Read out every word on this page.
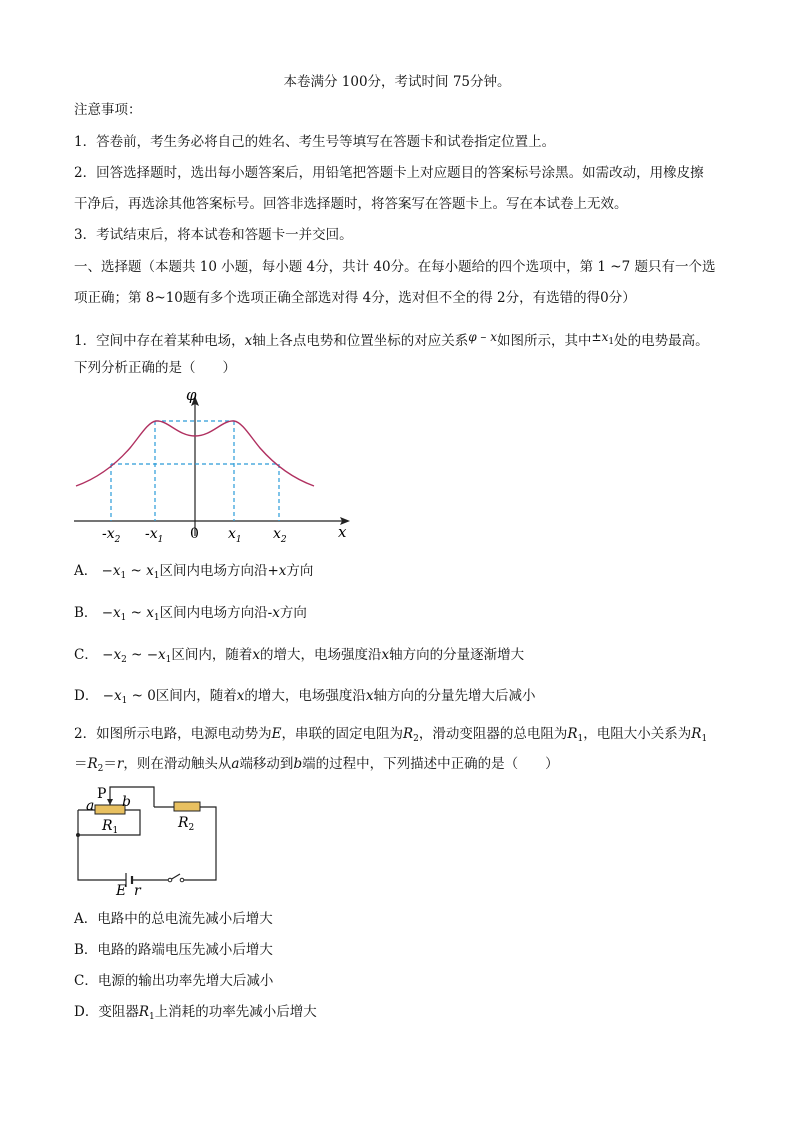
本卷满分 100分，考试时间 75分钟。
注意事项：
1．答卷前，考生务必将自己的姓名、考生号等填写在答题卡和试卷指定位置上。
2．回答选择题时，选出每小题答案后，用铅笔把答题卡上对应题目的答案标号涂黑。如需改动，用橡皮擦
干净后，再选涂其他答案标号。回答非选择题时，将答案写在答题卡上。写在本试卷上无效。
3．考试结束后，将本试卷和答题卡一并交回。
一、选择题（本题共 10 小题，每小题 4分，共计 40分。在每小题给的四个选项中，第 1 ~7 题只有一个选
项正确；第 8~10题有多个选项正确全部选对得 4分，选对但不全的得 2分，有选错的得0分）
1．空间中存在着某种电场，x轴上各点电势和位置坐标的对应关系φ – x如图所示，其中$\pm x_1$处的电势最高。
下列分析正确的是（　　）
φ
x
$-x_2$ $-x_1$ 0 $x_1$ $x_2$
A． $-x_1$ ~ $x_1$区间内电场方向沿+x方向
B． $-x_1$ ~ $x_1$区间内电场方向沿-x方向
C． $-x_2$ ~ $-x_1$区间内，随着x的增大，电场强度沿x轴方向的分量逐渐增大
D． $-x_1$ ~ 0区间内，随着x的增大，电场强度沿x轴方向的分量先增大后减小
2．如图所示电路，电源电动势为E，串联的固定电阻为$R_2$，滑动变阻器的总电阻为$R_1$，电阻大小关系为$R_1$
$=R_2=r$，则在滑动触头从a端移动到b端的过程中，下列描述中正确的是（　　）
P
a b
$R_1$	$R_2$
E r
A．电路中的总电流先减小后增大
B．电路的路端电压先减小后增大
C．电源的输出功率先增大后减小
D．变阻器$R_1$上消耗的功率先减小后增大
